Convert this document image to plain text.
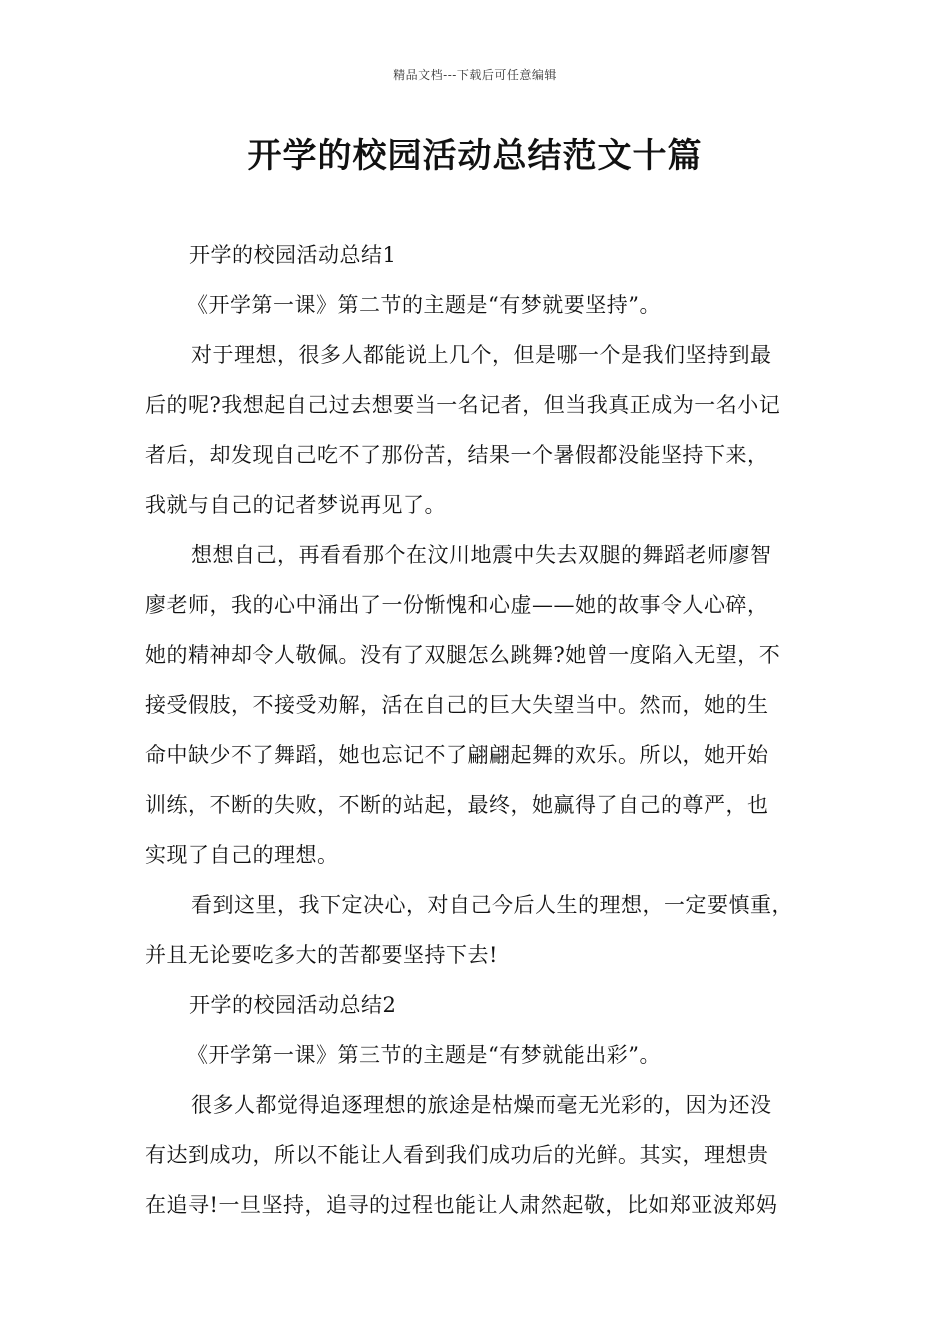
精品文档---下载后可任意编辑
开学的校园活动总结范文十篇
开学的校园活动总结1
《开学第一课》第二节的主题是“有梦就要坚持”。
对于理想，很多人都能说上几个，但是哪一个是我们坚持到最
后的呢?我想起自己过去想要当一名记者，但当我真正成为一名小记
者后，却发现自己吃不了那份苦，结果一个暑假都没能坚持下来，
我就与自己的记者梦说再见了。
想想自己，再看看那个在汶川地震中失去双腿的舞蹈老师廖智
廖老师，我的心中涌出了一份惭愧和心虚——她的故事令人心碎，
她的精神却令人敬佩。没有了双腿怎么跳舞?她曾一度陷入无望，不
接受假肢，不接受劝解，活在自己的巨大失望当中。然而，她的生
命中缺少不了舞蹈，她也忘记不了翩翩起舞的欢乐。所以，她开始
训练，不断的失败，不断的站起，最终，她赢得了自己的尊严，也
实现了自己的理想。
看到这里，我下定决心，对自己今后人生的理想，一定要慎重，
并且无论要吃多大的苦都要坚持下去!
开学的校园活动总结2
《开学第一课》第三节的主题是“有梦就能出彩”。
很多人都觉得追逐理想的旅途是枯燥而毫无光彩的，因为还没
有达到成功，所以不能让人看到我们成功后的光鲜。其实，理想贵
在追寻!一旦坚持，追寻的过程也能让人肃然起敬，比如郑亚波郑妈
